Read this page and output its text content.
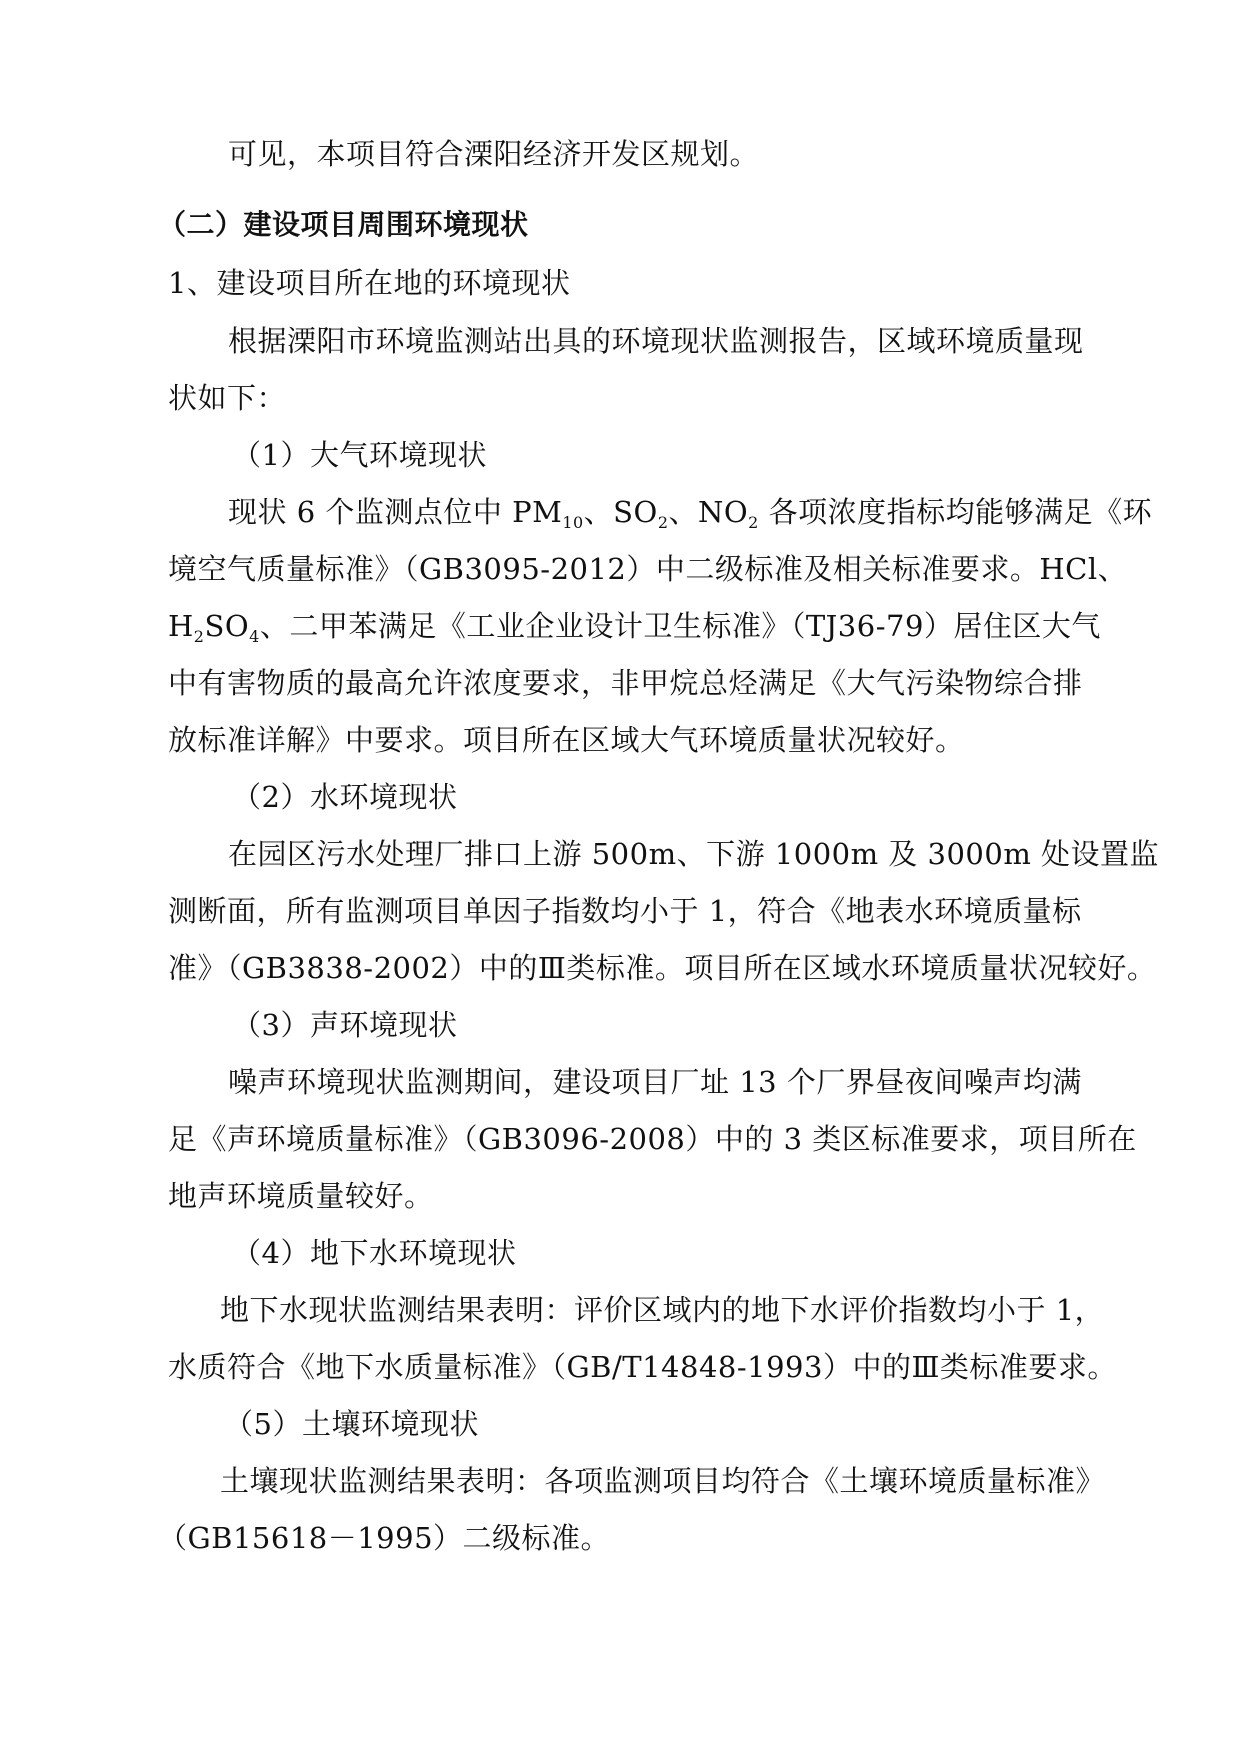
可见，本项目符合溧阳经济开发区规划。
（二）建设项目周围环境现状
1、建设项目所在地的环境现状
根据溧阳市环境监测站出具的环境现状监测报告，区域环境质量现
状如下：
（1）大气环境现状
现状 6 个监测点位中 $PM_{10}$、$SO_2$、$NO_2$ 各项浓度指标均能够满足《环
境空气质量标准》（GB3095-2012）中二级标准及相关标准要求。HCl、
$H_2SO_4$、二甲苯满足《工业企业设计卫生标准》（TJ36-79）居住区大气
中有害物质的最高允许浓度要求，非甲烷总烃满足《大气污染物综合排
放标准详解》中要求。项目所在区域大气环境质量状况较好。
（2）水环境现状
在园区污水处理厂排口上游 500m、下游 1000m 及 3000m 处设置监
测断面，所有监测项目单因子指数均小于 1，符合《地表水环境质量标
准》（GB3838-2002）中的Ⅲ类标准。项目所在区域水环境质量状况较好。
（3）声环境现状
噪声环境现状监测期间，建设项目厂址 13 个厂界昼夜间噪声均满
足《声环境质量标准》（GB3096-2008）中的 3 类区标准要求，项目所在
地声环境质量较好。
（4）地下水环境现状
地下水现状监测结果表明：评价区域内的地下水评价指数均小于 1，
水质符合《地下水质量标准》（GB/T14848-1993）中的Ⅲ类标准要求。
（5）土壤环境现状
土壤现状监测结果表明：各项监测项目均符合《土壤环境质量标准》
（GB15618－1995）二级标准。
